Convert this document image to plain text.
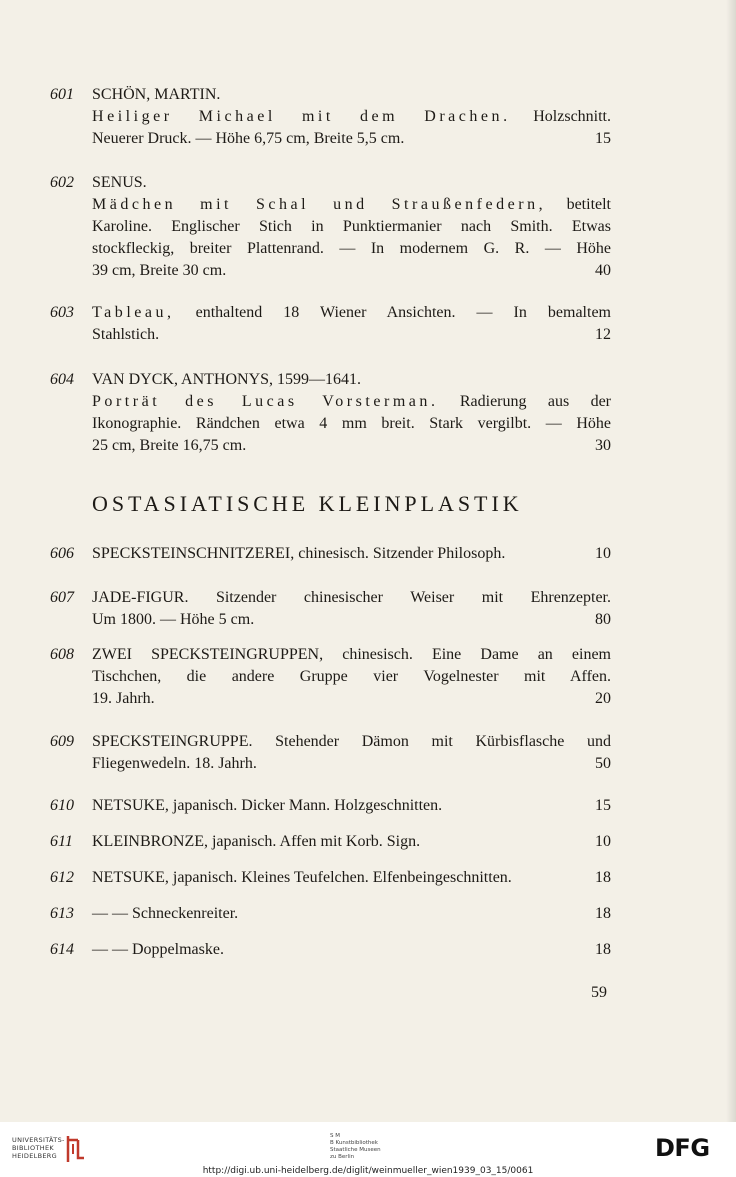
601	SCHÖN, MARTIN.
Heiliger Michael mit dem Drachen. Holzschnitt.
Neuerer Druck. — Höhe 6,75 cm, Breite 5,5 cm.	15
602	SENUS.
Mädchen mit Schal und Straußenfedern, betitelt
Karoline. Englischer Stich in Punktiermanier nach Smith. Etwas
stockfleckig, breiter Plattenrand. — In modernem G. R. — Höhe
39 cm, Breite 30 cm.	40
603	Tableau, enthaltend 18 Wiener Ansichten. — In bemaltem
Stahlstich.	12
604	VAN DYCK, ANTHONYS, 1599—1641.
Porträt des Lucas Vorsterman. Radierung aus der
Ikonographie. Rändchen etwa 4 mm breit. Stark vergilbt. — Höhe
25 cm, Breite 16,75 cm.	30
OSTASIATISCHE KLEINPLASTIK
606	SPECKSTEINSCHNITZEREI, chinesisch. Sitzender Philosoph.	10
607	JADE-FIGUR. Sitzender chinesischer Weiser mit Ehrenzepter.
Um 1800. — Höhe 5 cm.	80
608	ZWEI SPECKSTEINGRUPPEN, chinesisch. Eine Dame an einem
Tischchen, die andere Gruppe vier Vogelnester mit Affen.
19. Jahrh.	20
609	SPECKSTEINGRUPPE. Stehender Dämon mit Kürbisflasche und
Fliegenwedeln. 18. Jahrh.	50
610	NETSUKE, japanisch. Dicker Mann. Holzgeschnitten.	15
611	KLEINBRONZE, japanisch. Affen mit Korb. Sign.	10
612	NETSUKE, japanisch. Kleines Teufelchen. Elfenbeingeschnitten.	18
613	— — Schneckenreiter.	18
614	— — Doppelmaske.	18
59
UNIVERSITÄTS-
BIBLIOTHEK
HEIDELBERG
S M
B Kunstbibliothek
Staatliche Museen
zu Berlin	DFG
http://digi.ub.uni-heidelberg.de/diglit/weinmueller_wien1939_03_15/0061
